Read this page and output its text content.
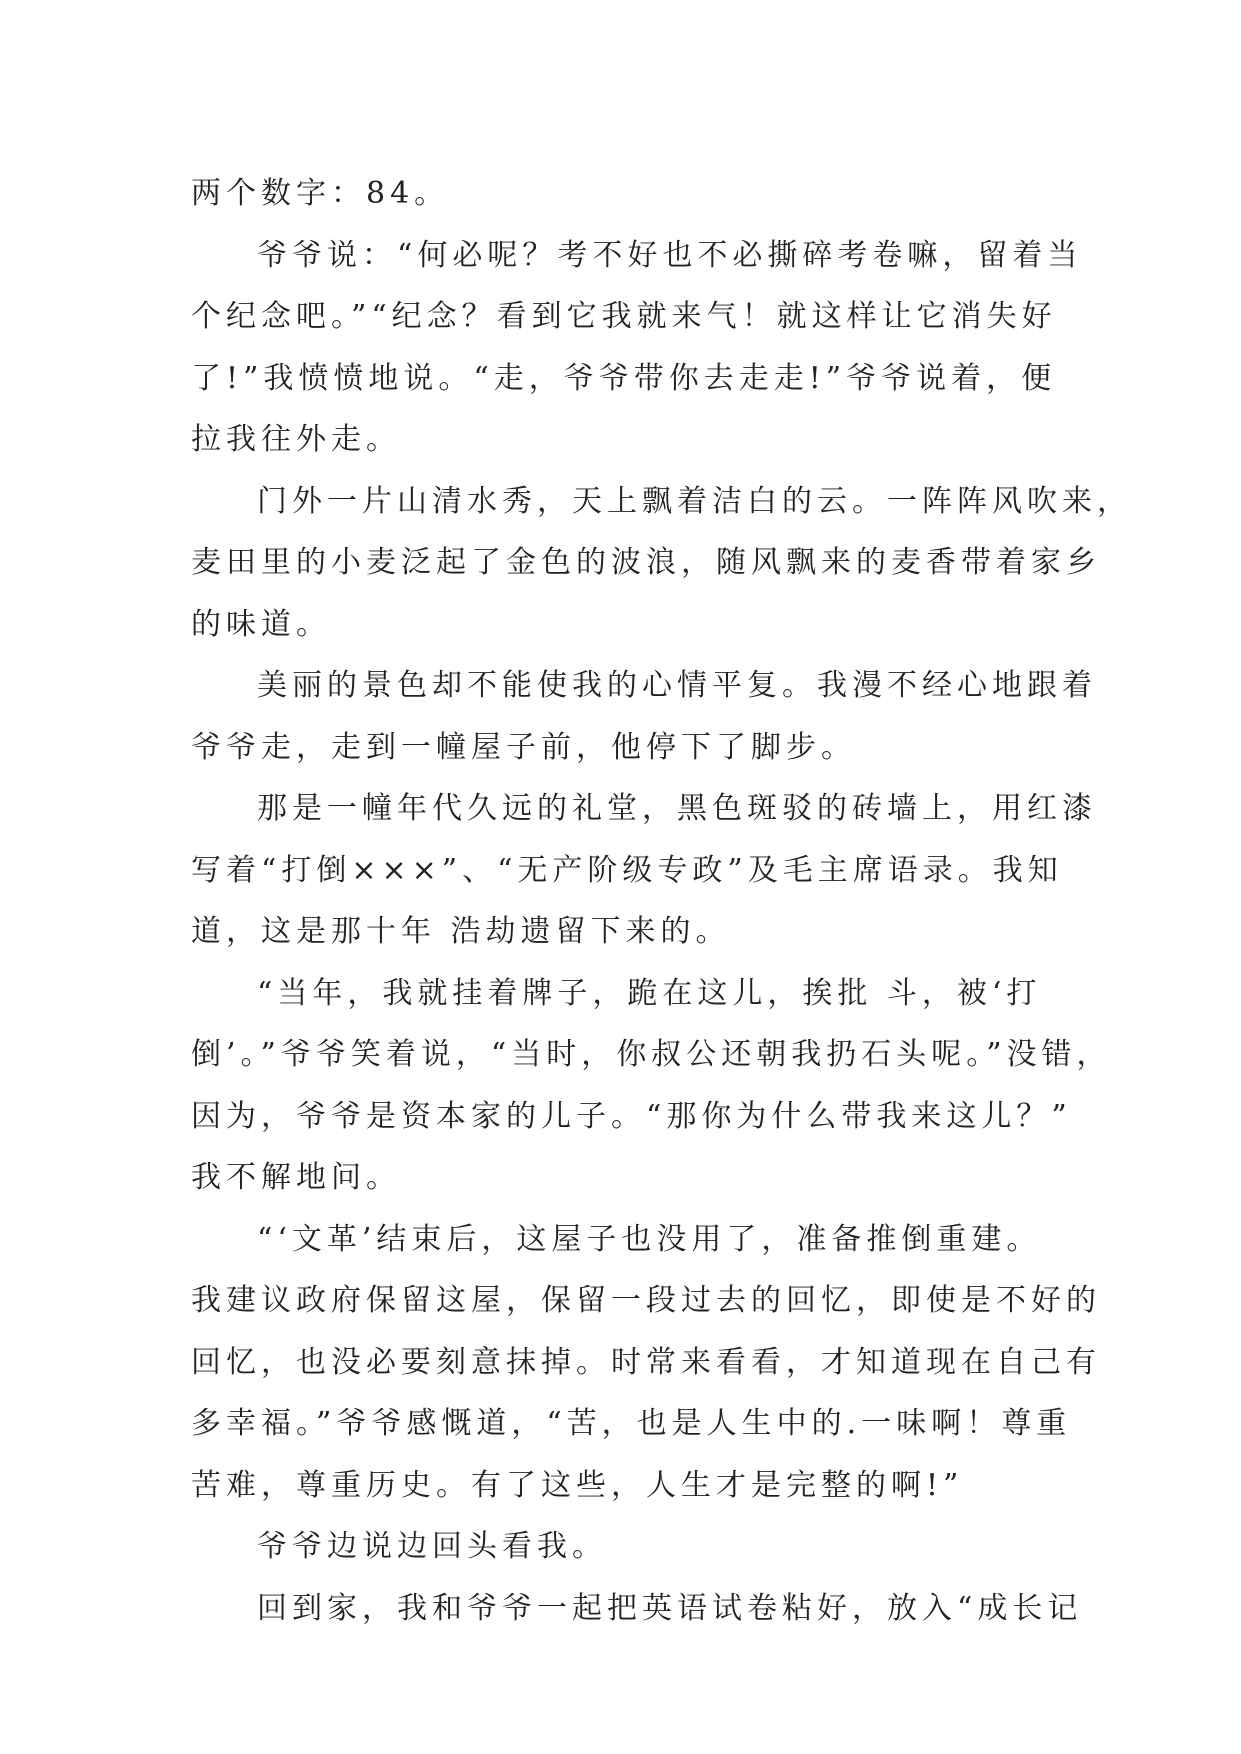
两个数字：84。
爷爷说：“何必呢？考不好也不必撕碎考卷嘛，留着当
个纪念吧。”“纪念？看到它我就来气！就这样让它消失好
了!”我愤愤地说。“走，爷爷带你去走走!”爷爷说着，便
拉我往外走。
门外一片山清水秀，天上飘着洁白的云。一阵阵风吹来，
麦田里的小麦泛起了金色的波浪，随风飘来的麦香带着家乡
的味道。
美丽的景色却不能使我的心情平复。我漫不经心地跟着
爷爷走，走到一幢屋子前，他停下了脚步。
那是一幢年代久远的礼堂，黑色斑驳的砖墙上，用红漆
写着“打倒×××”、“无产阶级专政”及毛主席语录。我知
道，这是那十年 浩劫遗留下来的。
“当年，我就挂着牌子，跪在这儿，挨批 斗，被‘打
倒’。”爷爷笑着说，“当时，你叔公还朝我扔石头呢。”没错，
因为，爷爷是资本家的儿子。“那你为什么带我来这儿？”
我不解地问。
“‘文革’结束后，这屋子也没用了，准备推倒重建。
我建议政府保留这屋，保留一段过去的回忆，即使是不好的
回忆，也没必要刻意抹掉。时常来看看，才知道现在自己有
多幸福。”爷爷感慨道，“苦，也是人生中的.一味啊！尊重
苦难，尊重历史。有了这些，人生才是完整的啊!”
爷爷边说边回头看我。
回到家，我和爷爷一起把英语试卷粘好，放入“成长记
